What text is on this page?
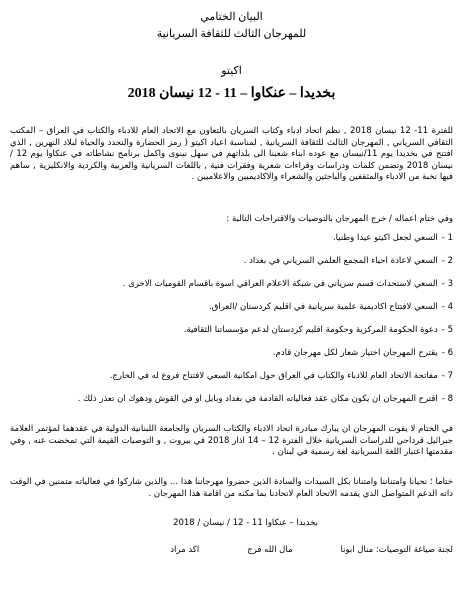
البيان الختامي
للمهرجان الثالث للثقافة السريانية
اكيتو
بخديدا – عنكاوا – 11 - 12 نيسان 2018
للفترة 11- 12 نيسان 2018 , نظم اتحاد ادباء وكتاب السريان بالتعاون مع الاتحاد العام للادباء والكتاب في العراق – المكتب الثقافي السرياني , المهرجان الثالث للثقافة السريانية , لمناسبة اعياد اكيتو ( رمز الحضارة والتجدد والحياة لبلاد النهرين , الذي افتتح في بخديدا يوم 11/نيسان مع عوده ابناء شعبنا الى بلداتهم في سهل نينوى واكمل برنامج نشاطاته في عنكاوا يوم 12 / نيسان 2018 وتضمن كلمات ودراسات وقراءات شعرية وفقرات فنية , باللغات السريانية والعربية والكردية والانكليزية , ساهم فيها نخبة من الادباء والمثقفين والباحثين والشعراء والاكاديميين والاعلاميين .
وفي ختام اعماله / خرج المهرجان بالتوصيات والاقتراحات التالية :
1 -
السعي لجعل اكيتو عيدا وطنيا.
2 -
السعي لاعادة احياء المجمع العلمي السرياني في بغداد .
3 -
السعي لاستحداث قسم سرياني في شبكة الاعلام العراقي اسوة باقسام القوميات الاخرى .
4 -
السعي لافتتاح اكاديمية علمية سريانية في اقليم كردستان /العراق.
5 -
دعوة الحكومة المركزية وحكومة اقليم كردستان لدعم مؤسساتنا الثقافية.
6 -
يقترح المهرجان اختيار شعار لكل مهرجان قادم.
7 -
مفاتحة الاتحاد العام للادباء والكتاب في العراق حول امكانية السعي لافتتاح فروع له في الخارج.
8 -
اقترح المهرجان ان يكون مكان عقد فعالياته القادمة في بغداد وبابل او في القوش ودهوك ان تعذر ذلك .
في الختام لا يفوت المهرجان ان يبارك مبادرة اتحاد الادباء والكتاب السريان والجامعة اللبنانية الدولية في عقدهما لمؤتمر العلامة جبرائيل قرداحي للدراسات السريانية خلال الفترة 12 – 14 اذار 2018 في بيروت , و التوصيات القيمة التي تمخضت عنه , وفي مقدمتها اعتبار اللغة السريانية لغة رسمية في لبنان .
ختاما ؛ نحيانا وامتناننا وامتنانا بكل السيدات والسادة الذين حضروا مهرجاننا هذا ... والذين شاركوا في فعالياته متمنين في الوقت ذاته الدعم المتواصل الذي يقدمه الاتحاد العام لاتحادنا بما مكنه من اقامة هذا المهرجان .
بخديدا – عنكاوا 11 - 12 / نيسان / 2018
لجنة صياغة التوصيات: منال ابونا
مال الله فرج
اكد مراد
